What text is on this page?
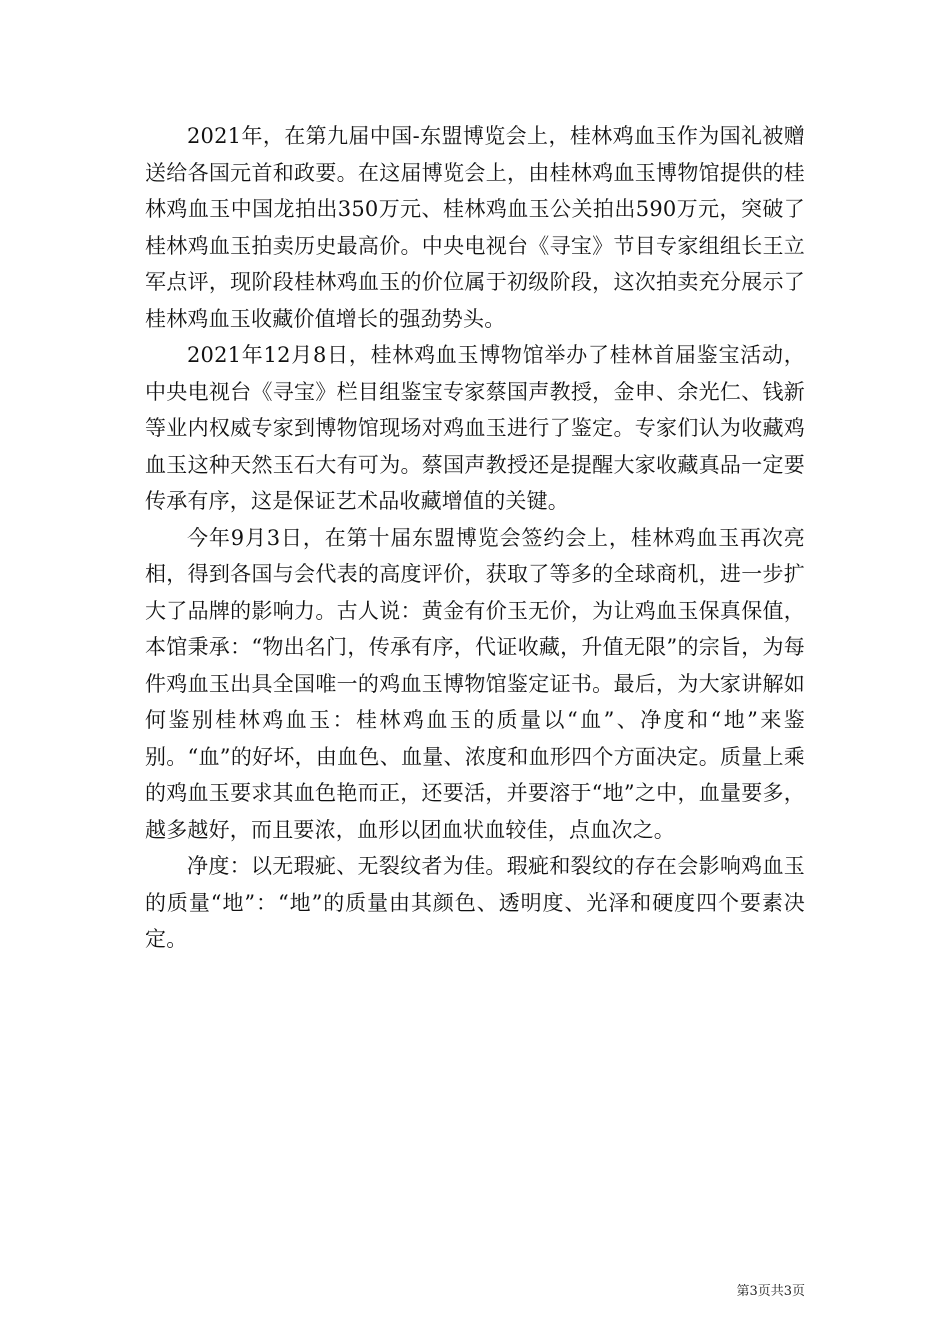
2021年，在第九届中国-东盟博览会上，桂林鸡血玉作为国礼被赠送给各国元首和政要。在这届博览会上，由桂林鸡血玉博物馆提供的桂林鸡血玉中国龙拍出350万元、桂林鸡血玉公关拍出590万元，突破了桂林鸡血玉拍卖历史最高价。中央电视台《寻宝》节目专家组组长王立军点评，现阶段桂林鸡血玉的价位属于初级阶段，这次拍卖充分展示了桂林鸡血玉收藏价值增长的强劲势头。

2021年12月8日，桂林鸡血玉博物馆举办了桂林首届鉴宝活动，中央电视台《寻宝》栏目组鉴宝专家蔡国声教授，金申、余光仁、钱新等业内权威专家到博物馆现场对鸡血玉进行了鉴定。专家们认为收藏鸡血玉这种天然玉石大有可为。蔡国声教授还是提醒大家收藏真品一定要传承有序，这是保证艺术品收藏增值的关键。

今年9月3日，在第十届东盟博览会签约会上，桂林鸡血玉再次亮相，得到各国与会代表的高度评价，获取了等多的全球商机，进一步扩大了品牌的影响力。古人说：黄金有价玉无价，为让鸡血玉保真保值，本馆秉承：“物出名门，传承有序，代证收藏，升值无限”的宗旨，为每件鸡血玉出具全国唯一的鸡血玉博物馆鉴定证书。最后，为大家讲解如何鉴别桂林鸡血玉：桂林鸡血玉的质量以“血”、净度和“地”来鉴别。“血”的好坏，由血色、血量、浓度和血形四个方面决定。质量上乘的鸡血玉要求其血色艳而正，还要活，并要溶于“地”之中，血量要多，越多越好，而且要浓，血形以团血状血较佳，点血次之。

净度：以无瑕疵、无裂纹者为佳。瑕疵和裂纹的存在会影响鸡血玉的质量“地”：“地”的质量由其颜色、透明度、光泽和硬度四个要素决定。

第3页共3页
